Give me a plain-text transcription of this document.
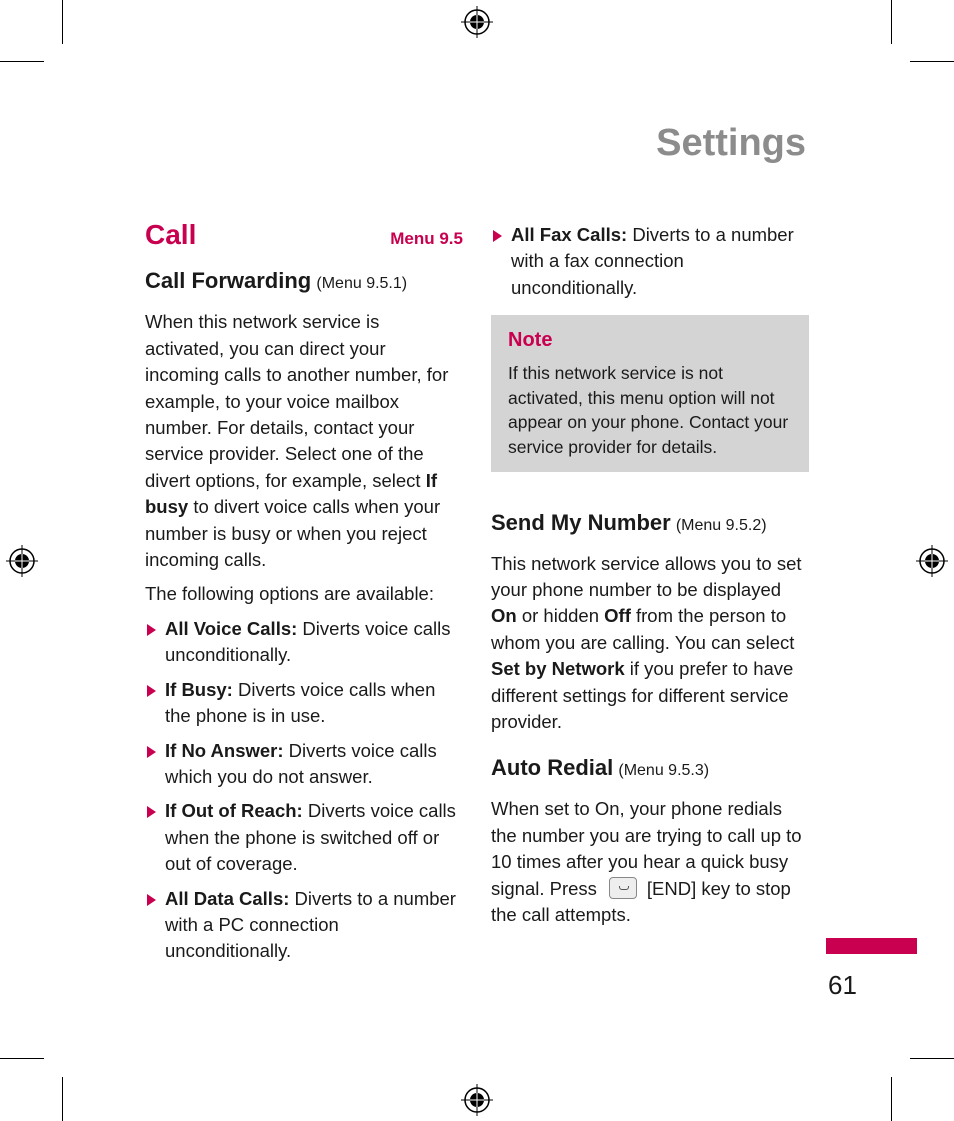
Settings
Call	Menu 9.5
Call Forwarding (Menu 9.5.1)

When this network service is activated, you can direct your incoming calls to another number, for example, to your voice mailbox number. For details, contact your service provider. Select one of the divert options, for example, select If busy to divert voice calls when your number is busy or when you reject incoming calls.

The following options are available:

All Voice Calls: Diverts voice calls unconditionally.
If Busy: Diverts voice calls when the phone is in use.
If No Answer: Diverts voice calls which you do not answer.
If Out of Reach: Diverts voice calls when the phone is switched off or out of coverage.
All Data Calls: Diverts to a number with a PC connection unconditionally.
All Fax Calls: Diverts to a number with a fax connection unconditionally.
Note
If this network service is not activated, this menu option will not appear on your phone. Contact your service provider for details.
Send My Number (Menu 9.5.2)

This network service allows you to set your phone number to be displayed On or hidden Off from the person to whom you are calling. You can select Set by Network if you prefer to have different settings for different service provider.

Auto Redial (Menu 9.5.3)

When set to On, your phone redials the number you are trying to call up to 10 times after you hear a quick busy signal. Press	[END] key to stop the call attempts.

61
